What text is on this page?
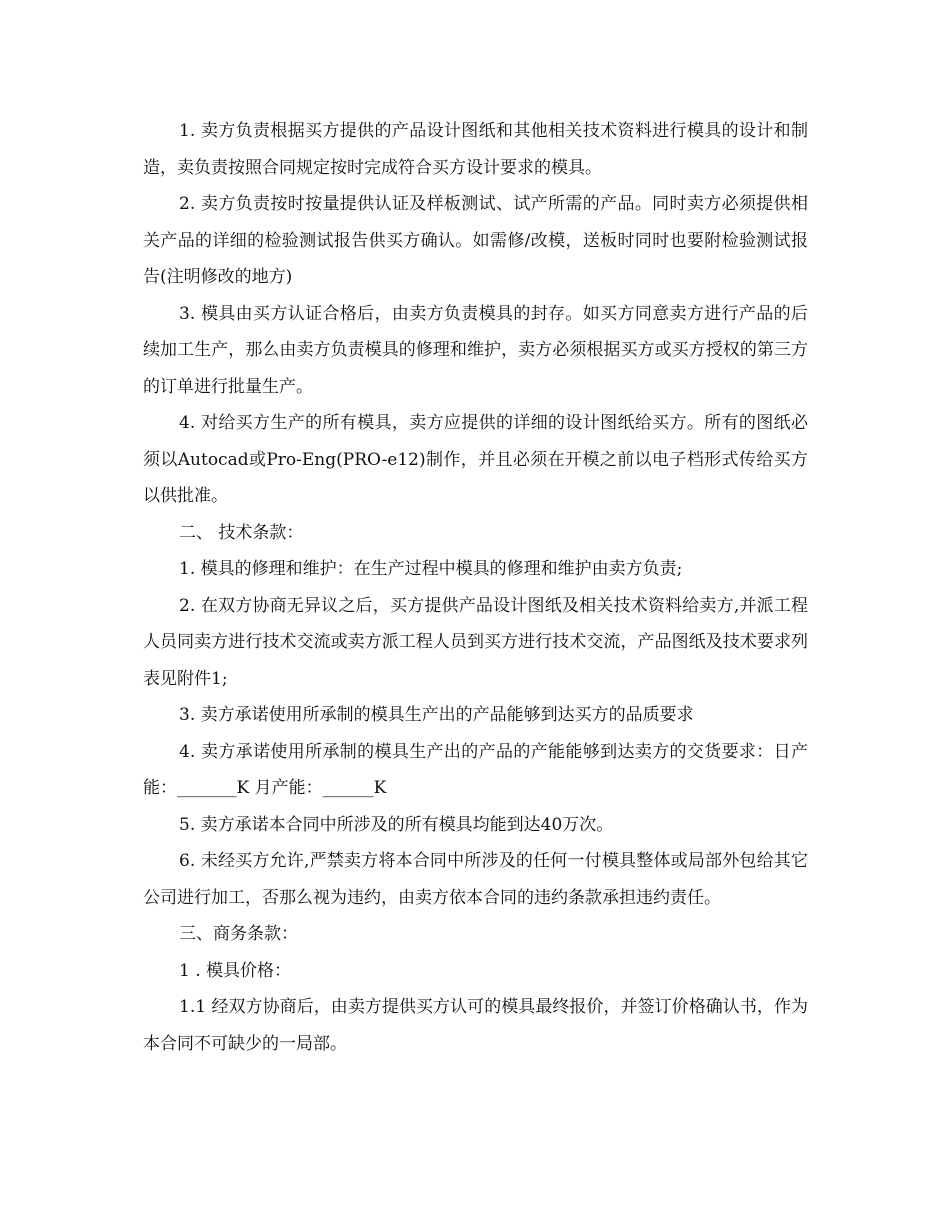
1. 卖方负责根据买方提供的产品设计图纸和其他相关技术资料进行模具的设计和制造，卖负责按照合同规定按时完成符合买方设计要求的模具。

2. 卖方负责按时按量提供认证及样板测试、试产所需的产品。同时卖方必须提供相关产品的详细的检验测试报告供买方确认。如需修/改模，送板时同时也要附检验测试报告(注明修改的地方)

3. 模具由买方认证合格后，由卖方负责模具的封存。如买方同意卖方进行产品的后续加工生产，那么由卖方负责模具的修理和维护，卖方必须根据买方或买方授权的第三方的订单进行批量生产。

4. 对给买方生产的所有模具，卖方应提供的详细的设计图纸给买方。所有的图纸必须以Autocad或Pro-Eng(PRO-e12)制作，并且必须在开模之前以电子档形式传给买方以供批准。

二、 技术条款：

1. 模具的修理和维护：在生产过程中模具的修理和维护由卖方负责;

2. 在双方协商无异议之后，买方提供产品设计图纸及相关技术资料给卖方,并派工程人员同卖方进行技术交流或卖方派工程人员到买方进行技术交流，产品图纸及技术要求列表见附件1;

3. 卖方承诺使用所承制的模具生产出的产品能够到达买方的品质要求

4. 卖方承诺使用所承制的模具生产出的产品的产能能够到达卖方的交货要求：日产能：_______K 月产能：______K

5. 卖方承诺本合同中所涉及的所有模具均能到达40万次。

6. 未经买方允许,严禁卖方将本合同中所涉及的任何一付模具整体或局部外包给其它公司进行加工，否那么视为违约，由卖方依本合同的违约条款承担违约责任。

三、商务条款：

1 . 模具价格：

1.1 经双方协商后，由卖方提供买方认可的模具最终报价，并签订价格确认书，作为本合同不可缺少的一局部。
